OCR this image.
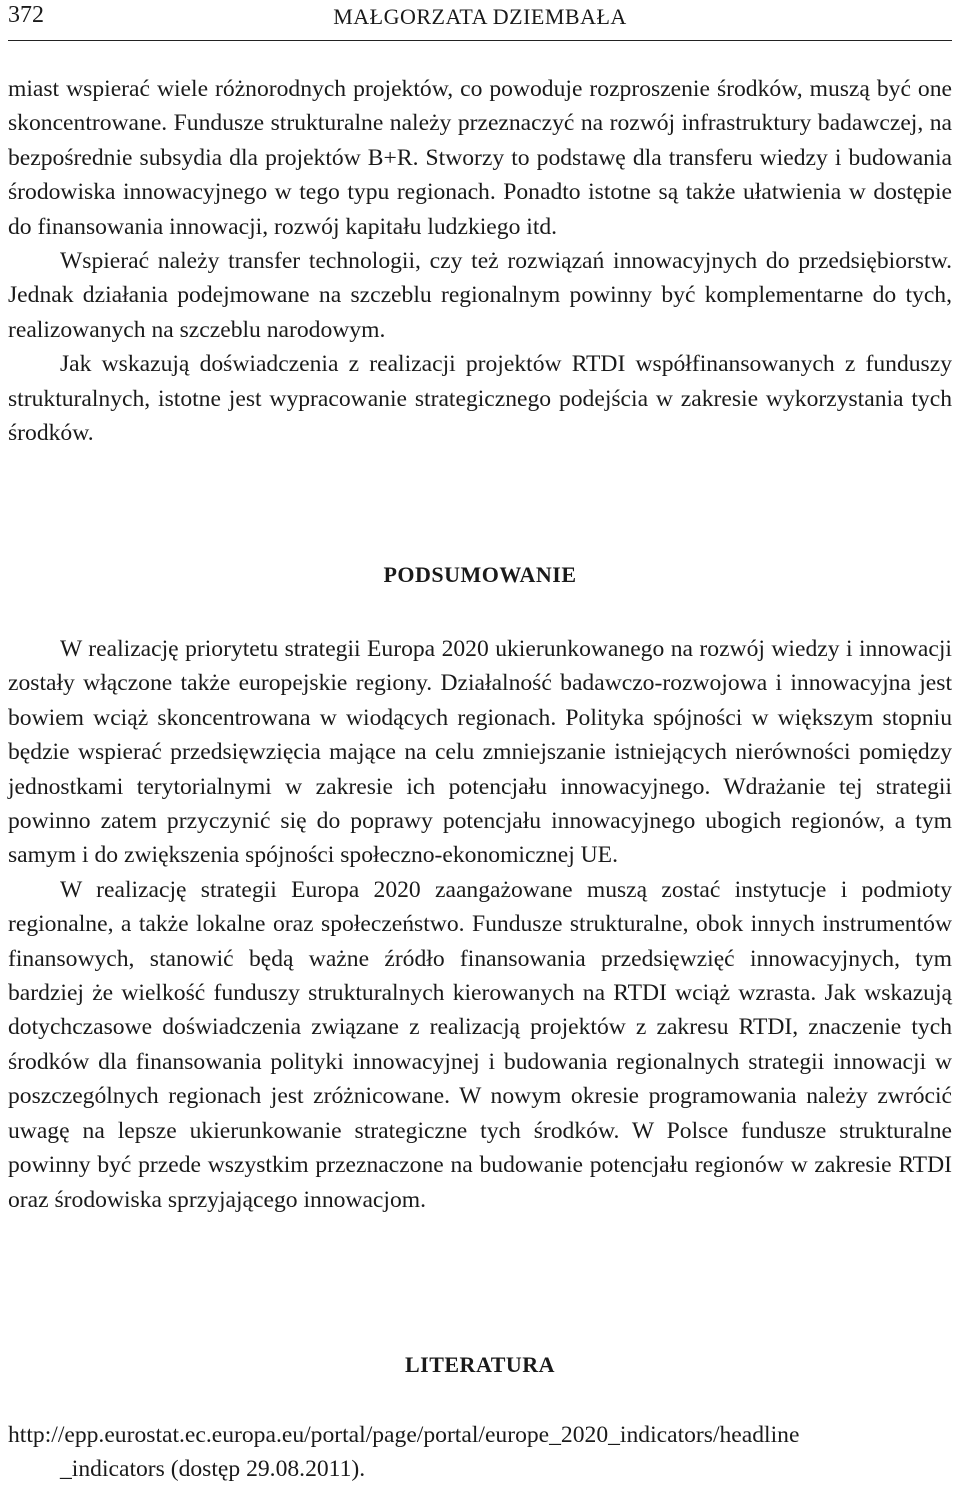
372	MAŁGORZATA DZIEMBAŁA

miast wspierać wiele różnorodnych projektów, co powoduje rozproszenie środków, muszą być one skoncentrowane. Fundusze strukturalne należy przeznaczyć na rozwój infrastruktury badawczej, na bezpośrednie subsydia dla projektów B+R. Stworzy to podstawę dla transferu wiedzy i budowania środowiska innowacyjnego w tego typu regionach. Ponadto istotne są także ułatwienia w dostępie do finansowania innowacji, rozwój kapitału ludzkiego itd.

Wspierać należy transfer technologii, czy też rozwiązań innowacyjnych do przedsiębiorstw. Jednak działania podejmowane na szczeblu regionalnym powinny być komplementarne do tych, realizowanych na szczeblu narodowym.

Jak wskazują doświadczenia z realizacji projektów RTDI współfinansowanych z funduszy strukturalnych, istotne jest wypracowanie strategicznego podejścia w zakresie wykorzystania tych środków.

PODSUMOWANIE

W realizację priorytetu strategii Europa 2020 ukierunkowanego na rozwój wiedzy i innowacji zostały włączone także europejskie regiony. Działalność badawczo-rozwojowa i innowacyjna jest bowiem wciąż skoncentrowana w wiodących regionach. Polityka spójności w większym stopniu będzie wspierać przedsięwzięcia mające na celu zmniejszanie istniejących nierówności pomiędzy jednostkami terytorialnymi w zakresie ich potencjału innowacyjnego. Wdrażanie tej strategii powinno zatem przyczynić się do poprawy potencjału innowacyjnego ubogich regionów, a tym samym i do zwiększenia spójności społeczno-ekonomicznej UE.

W realizację strategii Europa 2020 zaangażowane muszą zostać instytucje i podmioty regionalne, a także lokalne oraz społeczeństwo. Fundusze strukturalne, obok innych instrumentów finansowych, stanowić będą ważne źródło finansowania przedsięwzięć innowacyjnych, tym bardziej że wielkość funduszy strukturalnych kierowanych na RTDI wciąż wzrasta. Jak wskazują dotychczasowe doświadczenia związane z realizacją projektów z zakresu RTDI, znaczenie tych środków dla finansowania polityki innowacyjnej i budowania regionalnych strategii innowacji w poszczególnych regionach jest zróżnicowane. W nowym okresie programowania należy zwrócić uwagę na lepsze ukierunkowanie strategiczne tych środków. W Polsce fundusze strukturalne powinny być przede wszystkim przeznaczone na budowanie potencjału regionów w zakresie RTDI oraz środowiska sprzyjającego innowacjom.

LITERATURA

http://epp.eurostat.ec.europa.eu/portal/page/portal/europe_2020_indicators/headline
_indicators (dostęp 29.08.2011).
